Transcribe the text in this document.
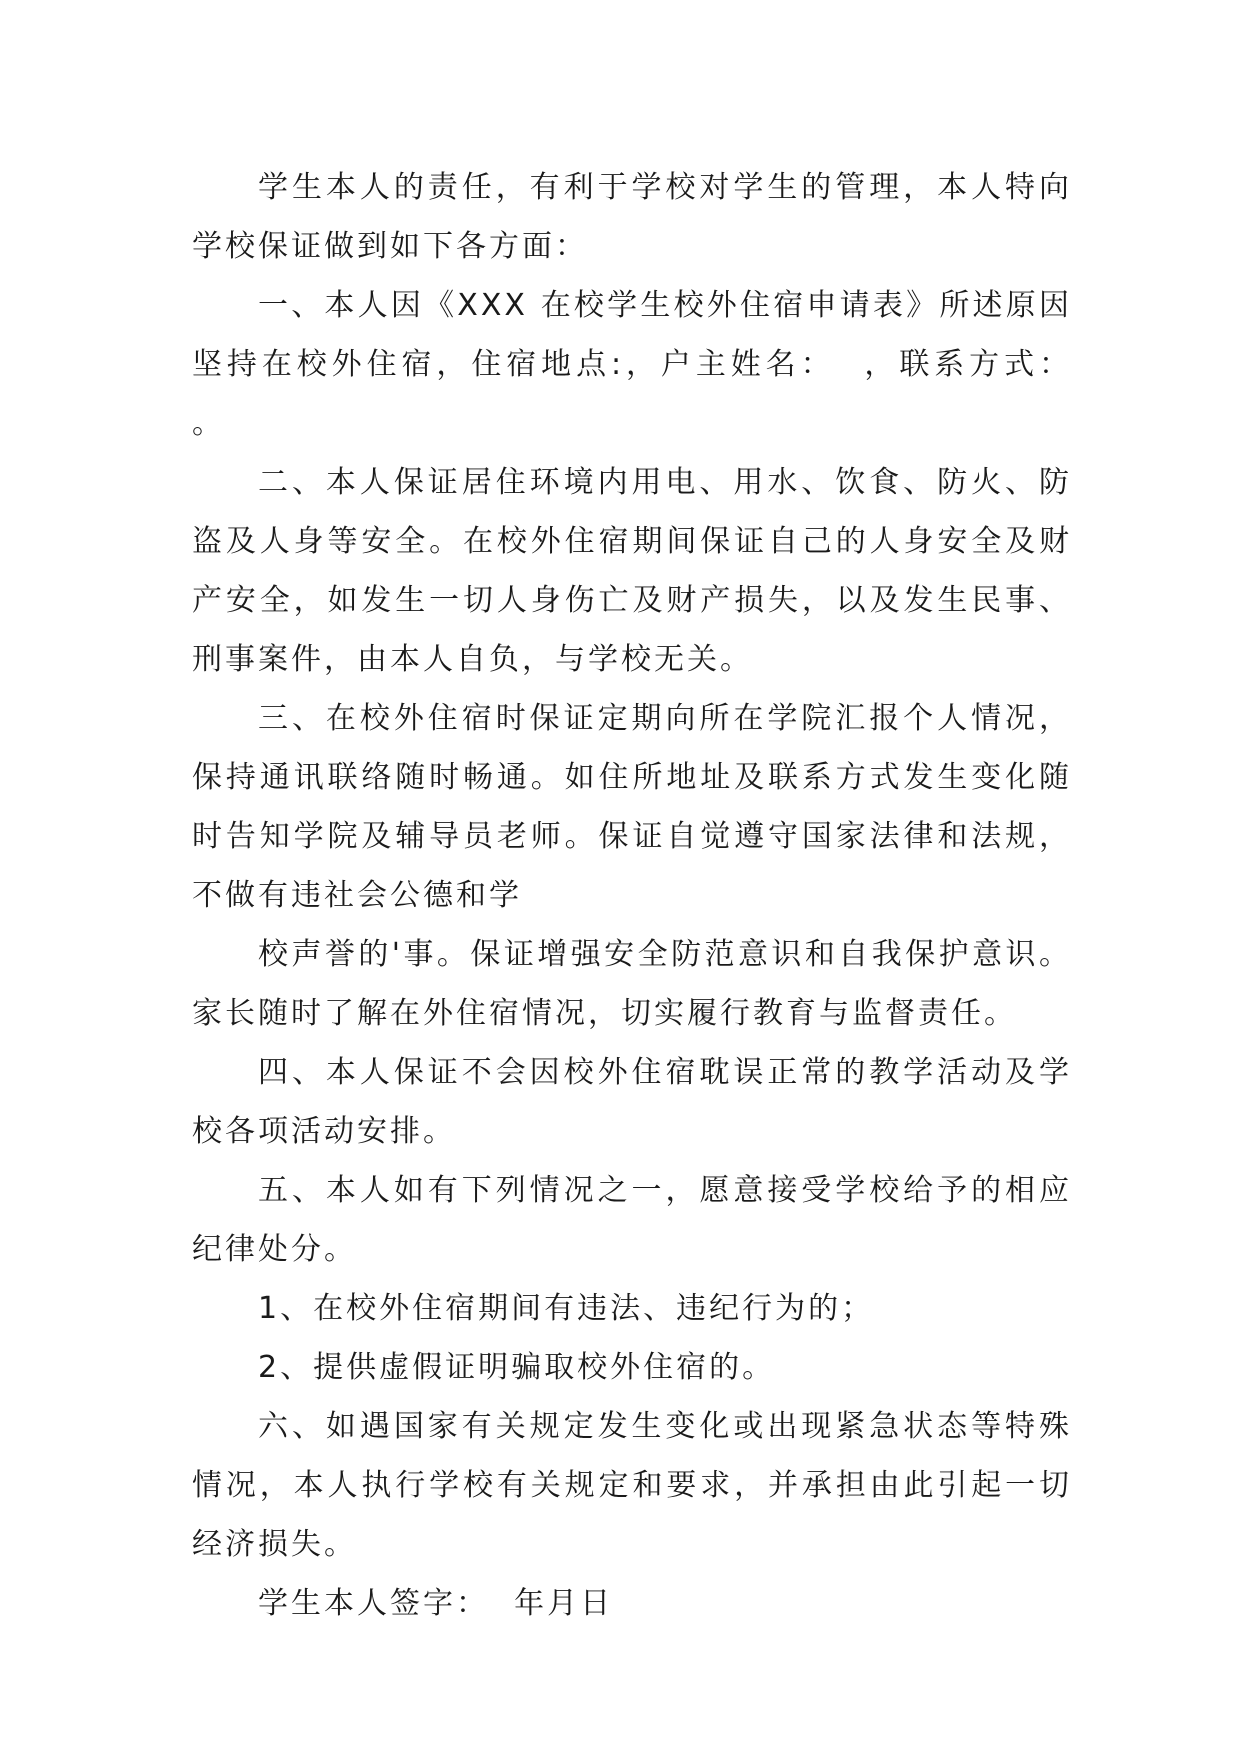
学生本人的责任，有利于学校对学生的管理，本人特向学校保证做到如下各方面：

一、本人因《XXX 在校学生校外住宿申请表》所述原因坚持在校外住宿，住宿地点:，户主姓名：  ，联系方式：  。

二、本人保证居住环境内用电、用水、饮食、防火、防盗及人身等安全。在校外住宿期间保证自己的人身安全及财产安全，如发生一切人身伤亡及财产损失，以及发生民事、刑事案件，由本人自负，与学校无关。

三、在校外住宿时保证定期向所在学院汇报个人情况，保持通讯联络随时畅通。如住所地址及联系方式发生变化随时告知学院及辅导员老师。保证自觉遵守国家法律和法规，不做有违社会公德和学

校声誉的'事。保证增强安全防范意识和自我保护意识。家长随时了解在外住宿情况，切实履行教育与监督责任。

四、本人保证不会因校外住宿耽误正常的教学活动及学校各项活动安排。

五、本人如有下列情况之一，愿意接受学校给予的相应纪律处分。

1、在校外住宿期间有违法、违纪行为的；

2、提供虚假证明骗取校外住宿的。

六、如遇国家有关规定发生变化或出现紧急状态等特殊情况，本人执行学校有关规定和要求，并承担由此引起一切经济损失。

学生本人签字：  年月日
